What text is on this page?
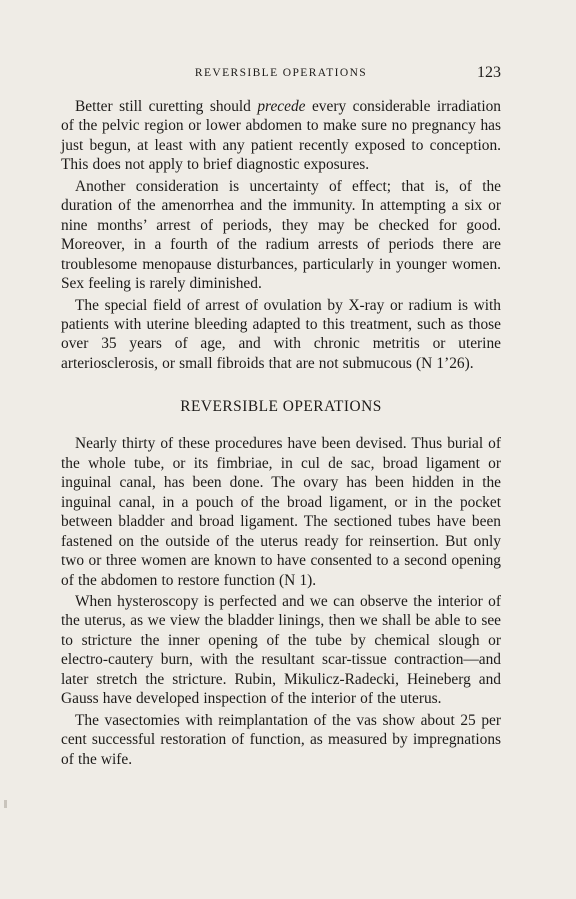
REVERSIBLE OPERATIONS	123

Better still curetting should precede every considerable irradiation of the pelvic region or lower abdomen to make sure no pregnancy has just begun, at least with any patient recently exposed to conception. This does not apply to brief diagnostic exposures.

Another consideration is uncertainty of effect; that is, of the duration of the amenorrhea and the immunity. In attempting a six or nine months’ arrest of periods, they may be checked for good. Moreover, in a fourth of the radium arrests of periods there are troublesome menopause disturbances, particularly in younger women. Sex feeling is rarely diminished.

The special field of arrest of ovulation by X-ray or radium is with patients with uterine bleeding adapted to this treatment, such as those over 35 years of age, and with chronic metritis or uterine arteriosclerosis, or small fibroids that are not submucous (N 1’26).

REVERSIBLE OPERATIONS

Nearly thirty of these procedures have been devised. Thus burial of the whole tube, or its fimbriae, in cul de sac, broad ligament or inguinal canal, has been done. The ovary has been hidden in the inguinal canal, in a pouch of the broad ligament, or in the pocket between bladder and broad ligament. The sectioned tubes have been fastened on the outside of the uterus ready for reinsertion. But only two or three women are known to have consented to a second opening of the abdomen to restore function (N 1).

When hysteroscopy is perfected and we can observe the interior of the uterus, as we view the bladder linings, then we shall be able to see to stricture the inner opening of the tube by chemical slough or electro-cautery burn, with the resultant scar-tissue contraction—and later stretch the stricture. Rubin, Mikulicz-Radecki, Heineberg and Gauss have developed inspection of the interior of the uterus.

The vasectomies with reimplantation of the vas show about 25 per cent successful restoration of function, as measured by impregnations of the wife.
